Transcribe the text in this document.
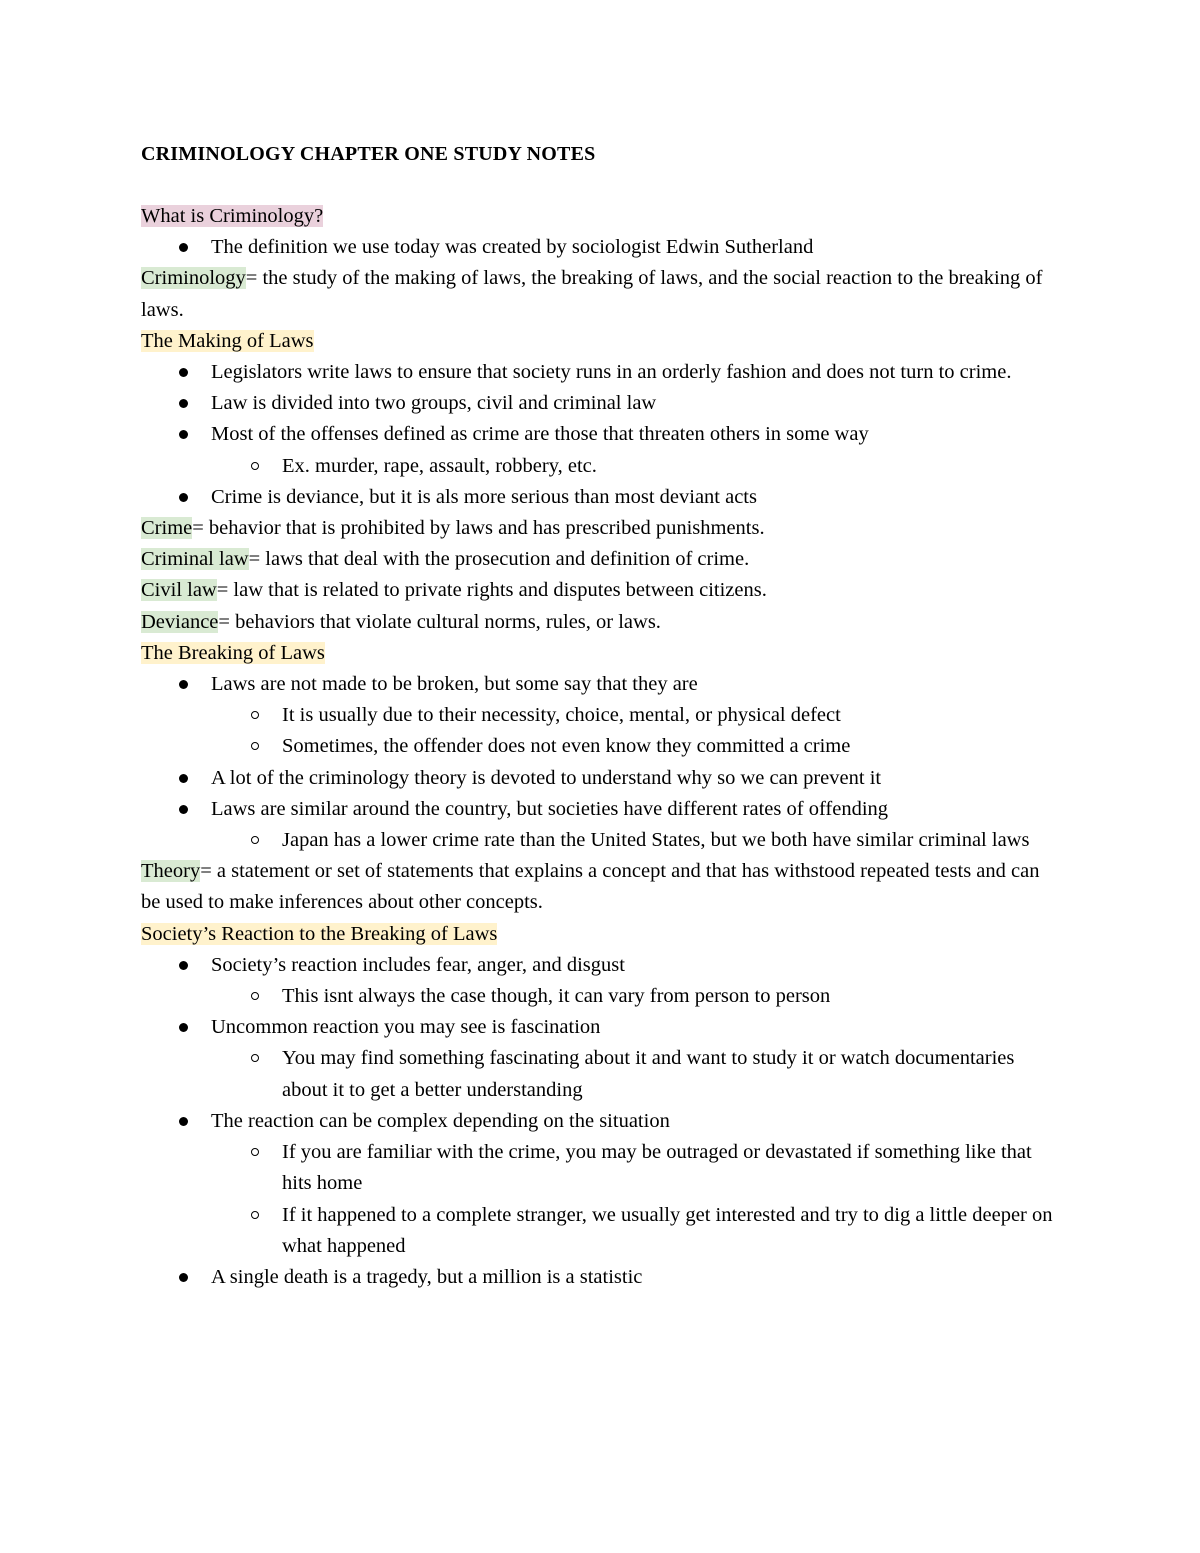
CRIMINOLOGY CHAPTER ONE STUDY NOTES
What is Criminology?
The definition we use today was created by sociologist Edwin Sutherland
Criminology= the study of the making of laws, the breaking of laws, and the social reaction to the breaking of laws.
The Making of Laws
Legislators write laws to ensure that society runs in an orderly fashion and does not turn to crime.
Law is divided into two groups, civil and criminal law
Most of the offenses defined as crime are those that threaten others in some way
Ex. murder, rape, assault, robbery, etc.
Crime is deviance, but it is als more serious than most deviant acts
Crime= behavior that is prohibited by laws and has prescribed punishments.
Criminal law= laws that deal with the prosecution and definition of crime.
Civil law= law that is related to private rights and disputes between citizens.
Deviance= behaviors that violate cultural norms, rules, or laws.
The Breaking of Laws
Laws are not made to be broken, but some say that they are
It is usually due to their necessity, choice, mental, or physical defect
Sometimes, the offender does not even know they committed a crime
A lot of the criminology theory is devoted to understand why so we can prevent it
Laws are similar around the country, but societies have different rates of offending
Japan has a lower crime rate than the United States, but we both have similar criminal laws
Theory= a statement or set of statements that explains a concept and that has withstood repeated tests and can be used to make inferences about other concepts.
Society’s Reaction to the Breaking of Laws
Society’s reaction includes fear, anger, and disgust
This isnt always the case though, it can vary from person to person
Uncommon reaction you may see is fascination
You may find something fascinating about it and want to study it or watch documentaries about it to get a better understanding
The reaction can be complex depending on the situation
If you are familiar with the crime, you may be outraged or devastated if something like that hits home
If it happened to a complete stranger, we usually get interested and try to dig a little deeper on what happened
A single death is a tragedy, but a million is a statistic
